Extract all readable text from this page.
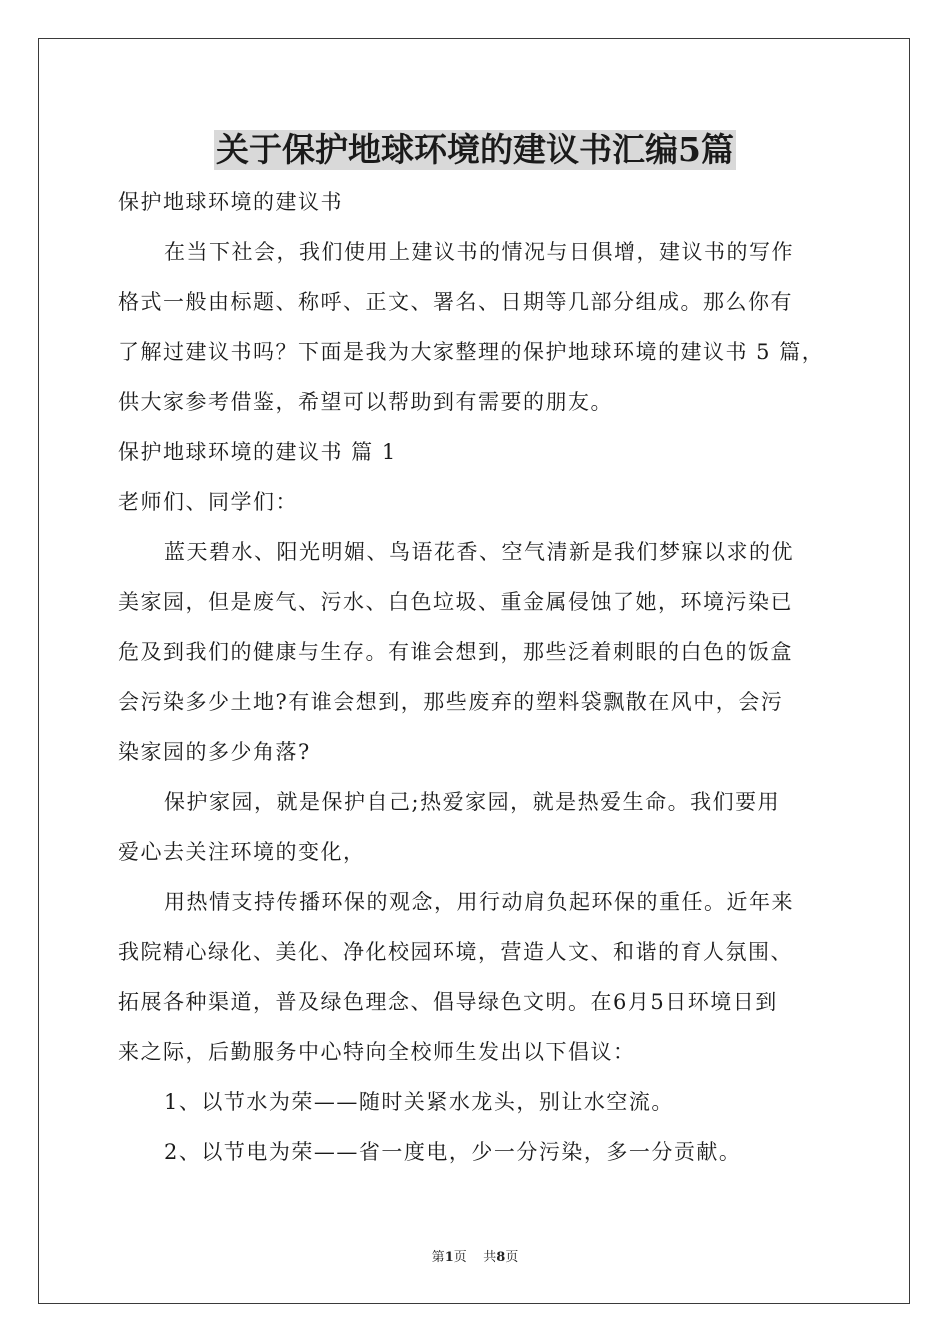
关于保护地球环境的建议书汇编5篇
保护地球环境的建议书
在当下社会，我们使用上建议书的情况与日俱增，建议书的写作
格式一般由标题、称呼、正文、署名、日期等几部分组成。那么你有
了解过建议书吗？下面是我为大家整理的保护地球环境的建议书 5 篇，
供大家参考借鉴，希望可以帮助到有需要的朋友。
保护地球环境的建议书 篇 1
老师们、同学们：
蓝天碧水、阳光明媚、鸟语花香、空气清新是我们梦寐以求的优
美家园，但是废气、污水、白色垃圾、重金属侵蚀了她，环境污染已
危及到我们的健康与生存。有谁会想到，那些泛着刺眼的白色的饭盒
会污染多少土地?有谁会想到，那些废弃的塑料袋飘散在风中，会污
染家园的多少角落?
保护家园，就是保护自己;热爱家园，就是热爱生命。我们要用
爱心去关注环境的变化，
用热情支持传播环保的观念，用行动肩负起环保的重任。近年来
我院精心绿化、美化、净化校园环境，营造人文、和谐的育人氛围、
拓展各种渠道，普及绿色理念、倡导绿色文明。在6月5日环境日到
来之际，后勤服务中心特向全校师生发出以下倡议：
1、以节水为荣——随时关紧水龙头，别让水空流。
2、以节电为荣——省一度电，少一分污染，多一分贡献。
第1页    共8页
